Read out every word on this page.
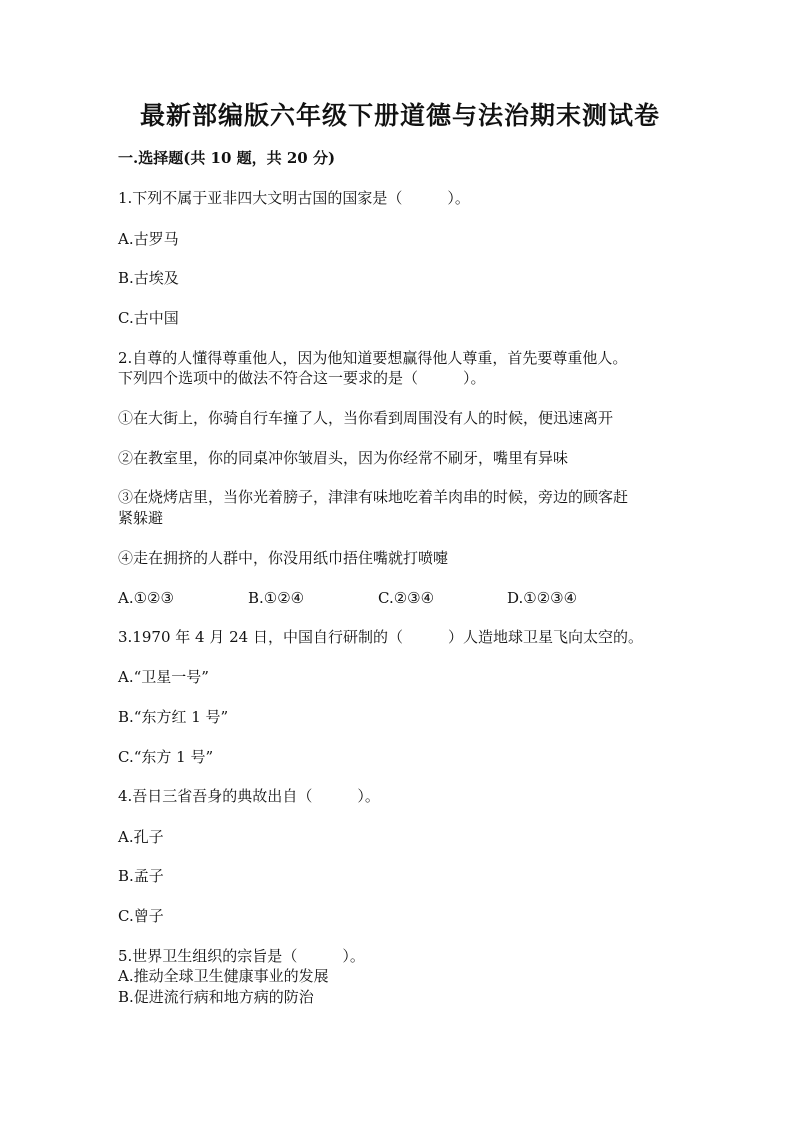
最新部编版六年级下册道德与法治期末测试卷
一.选择题(共 10 题，共 20 分)
1.下列不属于亚非四大文明古国的国家是（　　　）。
A.古罗马
B.古埃及
C.古中国
2.自尊的人懂得尊重他人，因为他知道要想赢得他人尊重，首先要尊重他人。
下列四个选项中的做法不符合这一要求的是（　　　）。
①在大街上，你骑自行车撞了人，当你看到周围没有人的时候，便迅速离开
②在教室里，你的同桌冲你皱眉头，因为你经常不刷牙，嘴里有异味
③在烧烤店里，当你光着膀子，津津有味地吃着羊肉串的时候，旁边的顾客赶
紧躲避
④走在拥挤的人群中，你没用纸巾捂住嘴就打喷嚏
A.①②③	B.①②④	C.②③④	D.①②③④
3.1970 年 4 月 24 日，中国自行研制的（　　　）人造地球卫星飞向太空的。
A.“卫星一号”
B.“东方红 1 号”
C.“东方 1 号”
4.吾日三省吾身的典故出自（　　　）。
A.孔子
B.孟子
C.曾子
5.世界卫生组织的宗旨是（　　　）。
A.推动全球卫生健康事业的发展
B.促进流行病和地方病的防治
